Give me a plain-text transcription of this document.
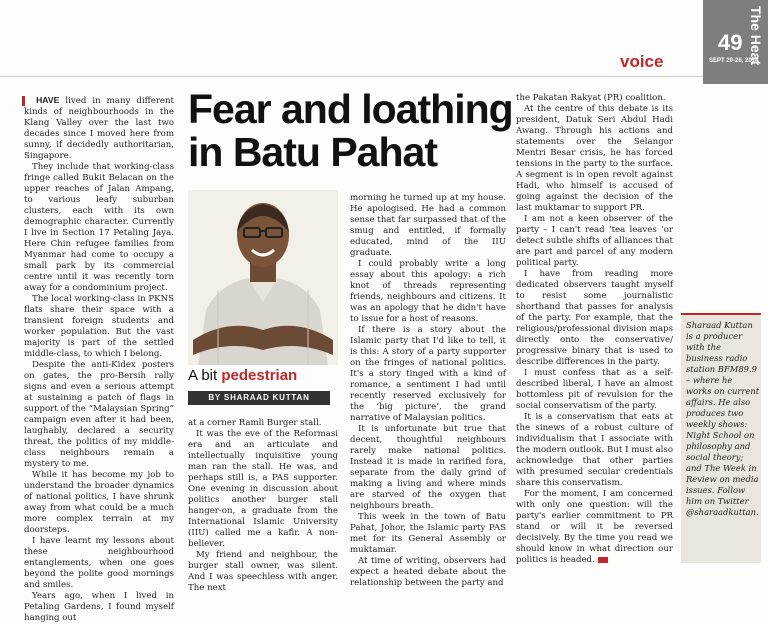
voice
49 The Heat
SEPT 20-26, 2014
Fear and loathing
in Batu Pahat

HAVE lived in many different kinds of neighbourhoods in the Klang Valley over the last two decades since I moved here from sunny, if decidedly authoritarian, Singapore.

They include that working-class fringe called Bukit Belacan on the upper reaches of Jalan Ampang, to various leafy suburban clusters, each with its own demographic character. Currently I live in Section 17 Petaling Jaya. Here Chin refugee families from Myanmar had come to occupy a small park by its commercial centre until it was recently torn away for a condominium project.

The local working-class in PKNS flats share their space with a transient foreign students and worker population. But the vast majority is part of the settled middle-class, to which I belong.

Despite the anti-Kidex posters on gates, the pro-Bersih rally signs and even a serious attempt at sustaining a patch of flags in support of the “Malaysian Spring” campaign even after it had been, laughably, declared a security threat, the politics of my middle-class neighbours remain a mystery to me.

While it has become my job to understand the broader dynamics of national politics, I have shrunk away from what could be a much more complex terrain at my doorsteps.

I have learnt my lessons about these neighbourhood entanglements, when one goes beyond the polite good mornings and smiles.

Years ago, when I lived in Petaling Gardens, I found myself hanging out

A bit pedestrian
BY SHARAAD KUTTAN

at a corner Ramli Burger stall.

It was the eve of the Reformasi era and an articulate and intellectually inquisitive young man ran the stall. He was, and perhaps still is, a PAS supporter. One evening in discussion about politics another burger stall hanger-on, a graduate from the International Islamic University (IIU) called me a kafir. A non-believer.

My friend and neighbour, the burger stall owner, was silent. And I was speechless with anger. The next

morning he turned up at my house. He apologised. He had a common sense that far surpassed that of the smug and entitled, if formally educated, mind of the IIU graduate.

I could probably write a long essay about this apology: a rich knot of threads representing friends, neighbours and citizens. It was an apology that he didn't have to issue for a host of reasons.

If there is a story about the Islamic party that I'd like to tell, it is this: A story of a party supporter on the fringes of national politics. It's a story tinged with a kind of romance, a sentiment I had until recently reserved exclusively for the ‘big picture’, the grand narrative of Malaysian politics.

It is unfortunate but true that decent, thoughtful neighbours rarely make national politics. Instead it is made in rarified fora, separate from the daily grind of making a living and where minds are starved of the oxygen that neighbours breath.

This week in the town of Batu Pahat, Johor, the Islamic party PAS met for its General Assembly or muktamar.

At time of writing, observers had expect a heated debate about the relationship between the party and

the Pakatan Rakyat (PR) coalition.

At the centre of this debate is its president, Datuk Seri Abdul Hadi Awang. Through his actions and statements over the Selangor Mentri Besar crisis, he has forced tensions in the party to the surface. A segment is in open revolt against Hadi, who himself is accused of going against the decision of the last muktamar to support PR.

I am not a keen observer of the party – I can't read ‘tea leaves ’or detect subtle shifts of alliances that are part and parcel of any modern political party.

I have from reading more dedicated observers taught myself to resist some journalistic shorthand that passes for analysis of the party. For example, that the religious/professional division maps directly onto the conservative/ progressive binary that is used to describe differences in the party.

I must confess that as a self-described liberal, I have an almost bottomless pit of revulsion for the social conservatism of the party.

It is a conservatism that eats at the sinews of a robust culture of individualism that I associate with the modern outlook. But I must also acknowledge that other parties with presumed secular credentials share this conservatism.

For the moment, I am concerned with only one question: will the party's earlier commitment to PR stand or will it be reversed decisively. By the time you read we should know in what direction our politics is headed.

Sharaad Kuttan is a producer with the business radio station BFM89.9 – where he works on current affairs. He also produces two weekly shows: Night School on philosophy and social theory; and The Week in Review on media issues. Follow him on Twitter @sharaadkuttan.
